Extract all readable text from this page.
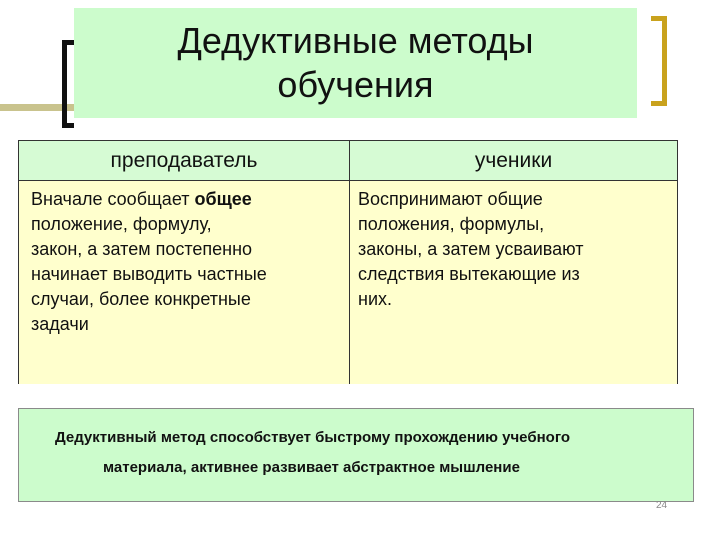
Дедуктивные методы
обучения
преподаватель	ученики
Вначале сообщает общее
положение, формулу,
закон, а затем постепенно
начинает выводить частные
случаи, более конкретные
задачи
Воспринимают общие
положения, формулы,
законы, а затем усваивают
следствия вытекающие из
них.
Дедуктивный метод способствует быстрому прохождению учебного
материала, активнее развивает абстрактное мышление
24
